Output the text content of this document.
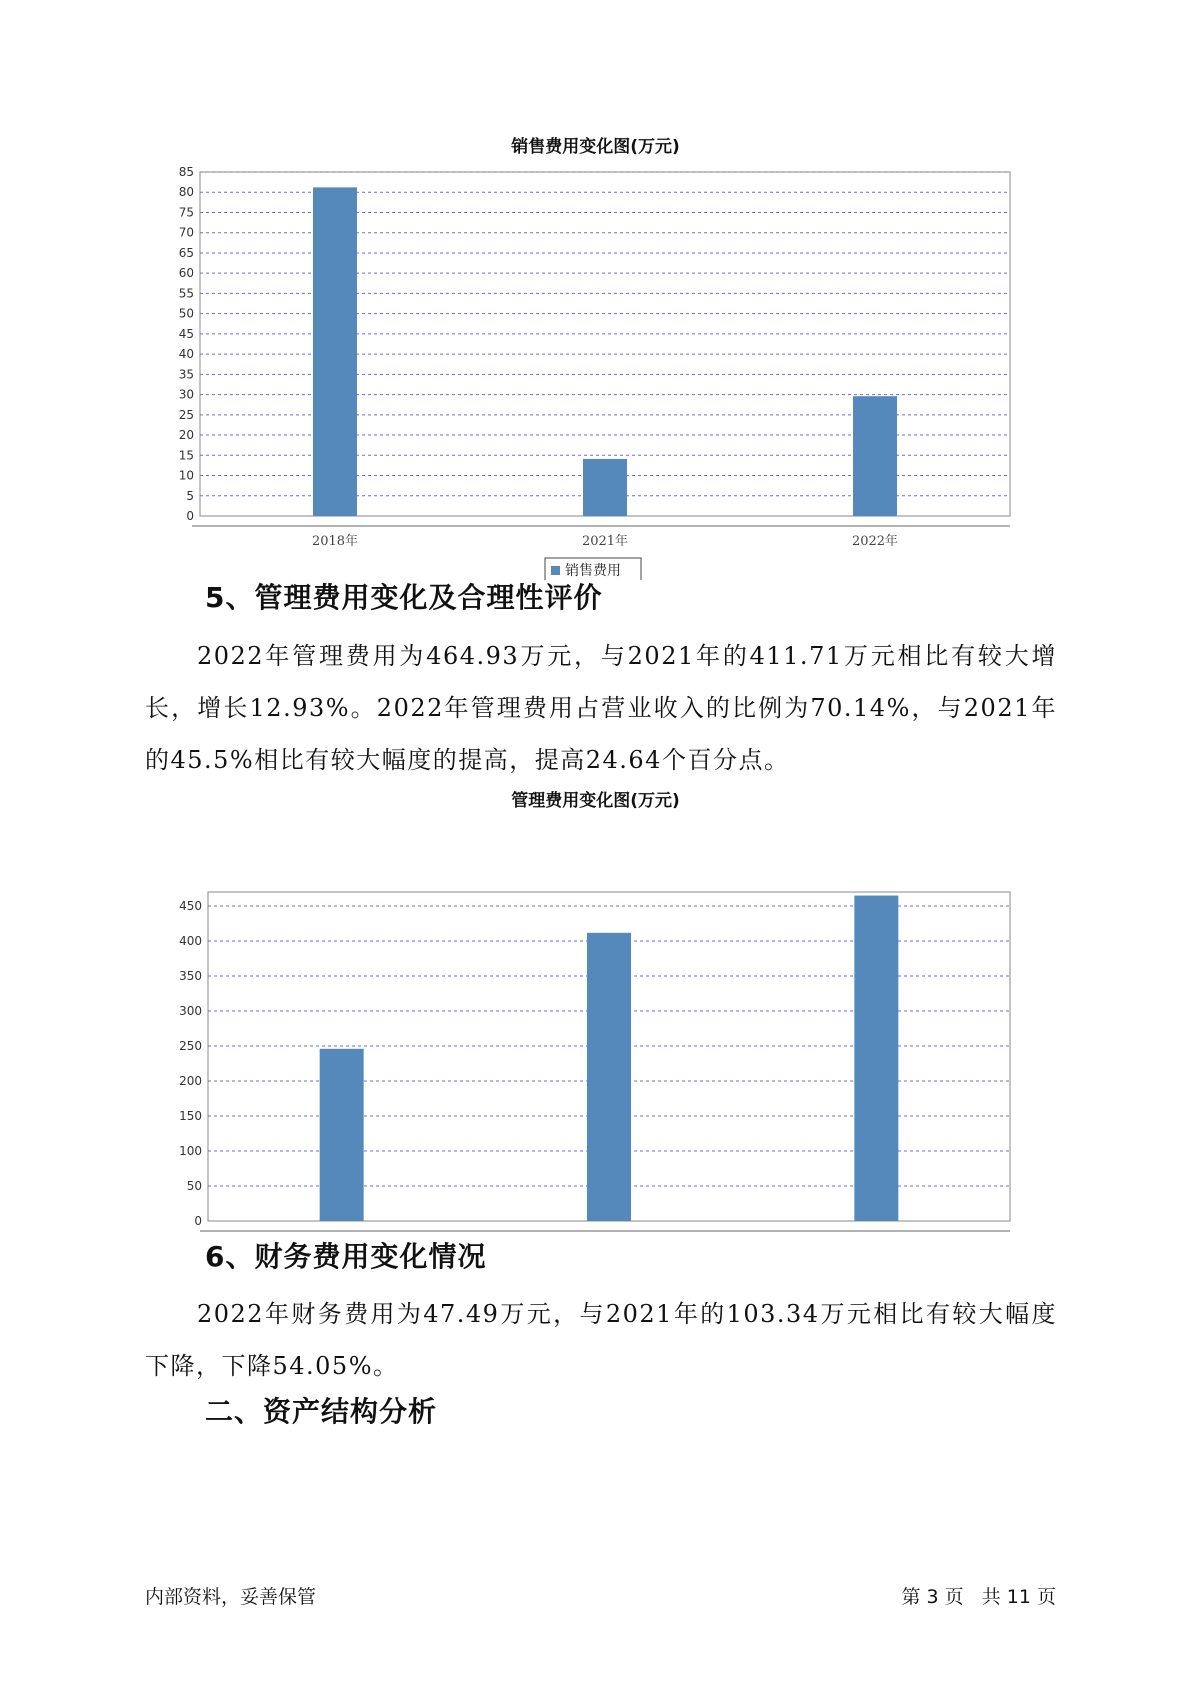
销售费用变化图(万元)
0
5
10
15
20
25
30
35
40
45
50
55
60
65
70
75
80
85
2018年	2021年	2022年
销售费用
5、管理费用变化及合理性评价
2022年管理费用为464.93万元，与2021年的411.71万元相比有较大增长，增长12.93%。2022年管理费用占营业收入的比例为70.14%，与2021年的45.5%相比有较大幅度的提高，提高24.64个百分点。
管理费用变化图(万元)
0
50
100
150
200
250
300
350
400
450
6、财务费用变化情况
2022年财务费用为47.49万元，与2021年的103.34万元相比有较大幅度下降，下降54.05%。
二、资产结构分析
内部资料，妥善保管	第 3 页   共 11 页
